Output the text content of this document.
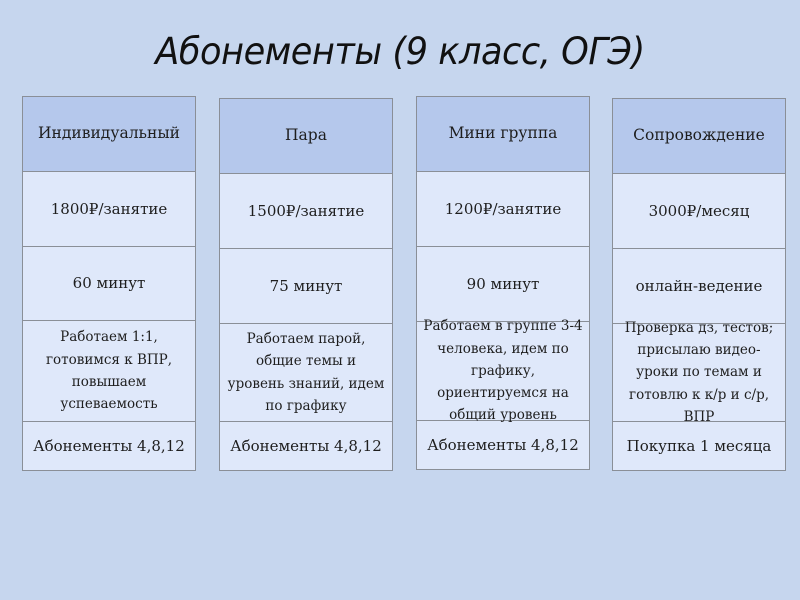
Абонементы (9 класс, ОГЭ)
Индивидуальный
1800₽/занятие
60 минут
Работаем 1:1, готовимся к ВПР, повышаем успеваемость
Абонементы 4,8,12
Пара
1500₽/занятие
75 минут
Работаем парой, общие темы и уровень знаний, идем по графику
Абонементы 4,8,12
Мини группа
1200₽/занятие
90 минут
Работаем в группе 3-4 человека, идем по графику, ориентируемся на общий уровень
Абонементы 4,8,12
Сопровождение
3000₽/месяц
онлайн-ведение
Проверка дз, тестов; присылаю видео-уроки по темам и готовлю к к/р и с/р, ВПР
Покупка 1 месяца
